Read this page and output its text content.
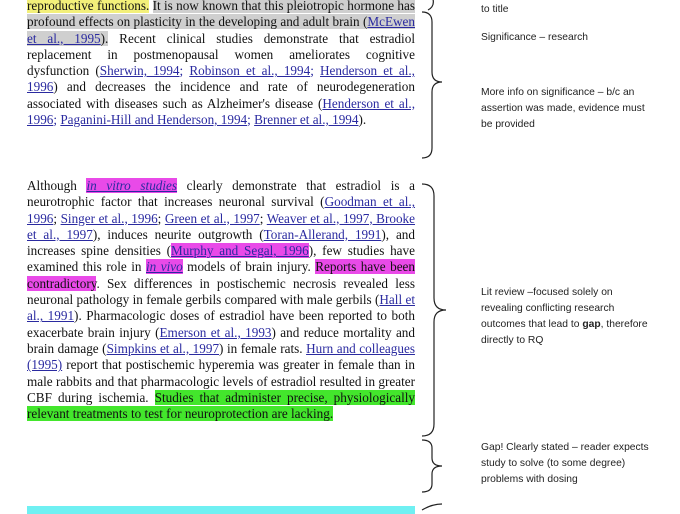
reproductive functions. It is now known that this pleiotropic hormone has profound effects on plasticity in the developing and adult brain (McEwen et al., 1995). Recent clinical studies demonstrate that estradiol replacement in postmenopausal women ameliorates cognitive dysfunction (Sherwin, 1994; Robinson et al., 1994; Henderson et al., 1996) and decreases the incidence and rate of neurodegeneration associated with diseases such as Alzheimer's disease (Henderson et al., 1996; Paganini-Hill and Henderson, 1994; Brenner et al., 1994).

Although in vitro studies clearly demonstrate that estradiol is a neurotrophic factor that increases neuronal survival (Goodman et al., 1996; Singer et al., 1996; Green et al., 1997; Weaver et al., 1997, Brooke et al., 1997), induces neurite outgrowth (Toran-Allerand, 1991), and increases spine densities (Murphy and Segal, 1996), few studies have examined this role in in vivo models of brain injury. Reports have been contradictory. Sex differences in postischemic necrosis revealed less neuronal pathology in female gerbils compared with male gerbils (Hall et al., 1991). Pharmacologic doses of estradiol have been reported to both exacerbate brain injury (Emerson et al., 1993) and reduce mortality and brain damage (Simpkins et al., 1997) in female rats. Hurn and colleagues (1995) report that postischemic hyperemia was greater in female than in male rabbits and that pharmacologic levels of estradiol resulted in greater CBF during ischemia. Studies that administer precise, physiologically relevant treatments to test for neuroprotection are lacking.

to title
Significance – research
More info on significance – b/c an
assertion was made, evidence must
be provided
Lit review –focused solely on
revealing conflicting research
outcomes that lead to gap, therefore
directly to RQ
Gap! Clearly stated – reader expects
study to solve (to some degree)
problems with dosing
